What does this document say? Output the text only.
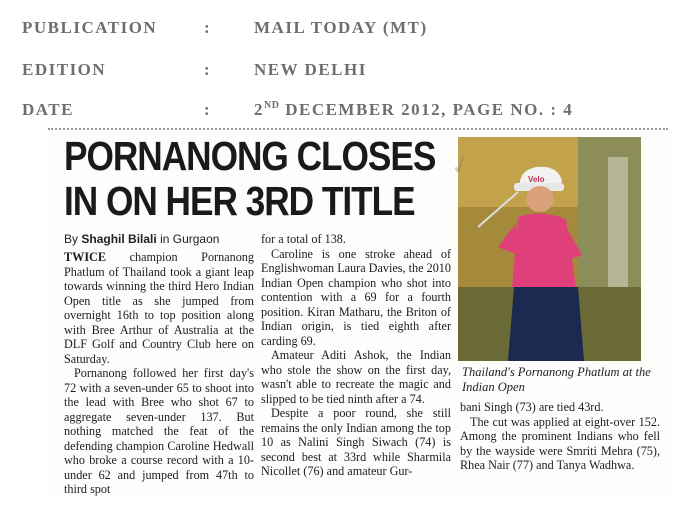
PUBLICATION	:	MAIL TODAY (MT)
EDITION	:	NEW DELHI
DATE	:	2ND DECEMBER 2012, PAGE NO. : 4
PORNANONG CLOSES
IN ON HER 3RD TITLE
By Shaghil Bilali in Gurgaon

TWICE champion Pornanong Phatlum of Thailand took a giant leap towards winning the third Hero Indian Open title as she jumped from overnight 16th to top position along with Bree Arthur of Australia at the DLF Golf and Country Club here on Saturday.

Pornanong followed her first day's 72 with a seven-under 65 to shoot into the lead with Bree who shot 67 to aggregate seven-under 137. But nothing matched the feat of the defending champion Caroline Hedwall who broke a course record with a 10-under 62 and jumped from 47th to third spot

for a total of 138.

Caroline is one stroke ahead of Englishwoman Laura Davies, the 2010 Indian Open champion who shot into contention with a 69 for a fourth position. Kiran Matharu, the Briton of Indian origin, is tied eighth after carding 69.

Amateur Aditi Ashok, the Indian who stole the show on the first day, wasn't able to recreate the magic and slipped to be tied ninth after a 74.

Despite a poor round, she still remains the only Indian among the top 10 as Nalini Singh Siwach (74) is second best at 33rd while Sharmila Nicollet (76) and amateur Gur-

Velo
✓
Thailand's Pornanong Phatlum at the Indian Open

bani Singh (73) are tied 43rd.

The cut was applied at eight-over 152. Among the prominent Indians who fell by the wayside were Smriti Mehra (75), Rhea Nair (77) and Tanya Wadhwa.
